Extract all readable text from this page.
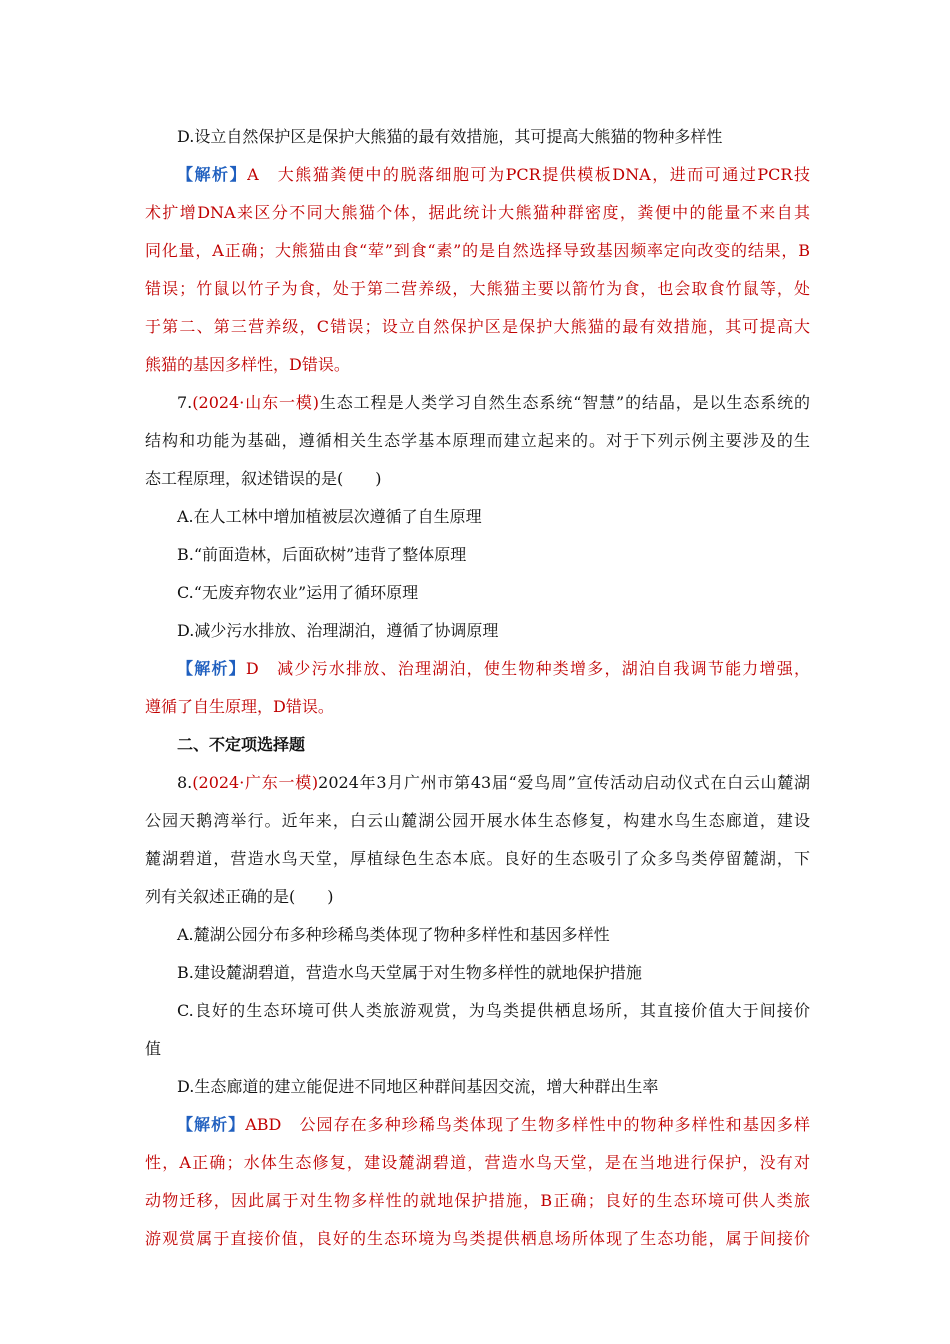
D.设立自然保护区是保护大熊猫的最有效措施，其可提高大熊猫的物种多样性
【解析】A　大熊猫粪便中的脱落细胞可为PCR提供模板DNA，进而可通过PCR技
术扩增DNA来区分不同大熊猫个体，据此统计大熊猫种群密度，粪便中的能量不来自其
同化量，A正确；大熊猫由食“荤”到食“素”的是自然选择导致基因频率定向改变的结果，B
错误；竹鼠以竹子为食，处于第二营养级，大熊猫主要以箭竹为食，也会取食竹鼠等，处
于第二、第三营养级，C错误；设立自然保护区是保护大熊猫的最有效措施，其可提高大
熊猫的基因多样性，D错误。
7.(2024·山东一模)生态工程是人类学习自然生态系统“智慧”的结晶，是以生态系统的
结构和功能为基础，遵循相关生态学基本原理而建立起来的。对于下列示例主要涉及的生
态工程原理，叙述错误的是(　　)
A.在人工林中增加植被层次遵循了自生原理
B.“前面造林，后面砍树”违背了整体原理
C.“无废弃物农业”运用了循环原理
D.减少污水排放、治理湖泊，遵循了协调原理
【解析】D　减少污水排放、治理湖泊，使生物种类增多，湖泊自我调节能力增强，
遵循了自生原理，D错误。
二、不定项选择题
8.(2024·广东一模)2024年3月广州市第43届“爱鸟周”宣传活动启动仪式在白云山麓湖
公园天鹅湾举行。近年来，白云山麓湖公园开展水体生态修复，构建水鸟生态廊道，建设
麓湖碧道，营造水鸟天堂，厚植绿色生态本底。良好的生态吸引了众多鸟类停留麓湖，下
列有关叙述正确的是(　　)
A.麓湖公园分布多种珍稀鸟类体现了物种多样性和基因多样性
B.建设麓湖碧道，营造水鸟天堂属于对生物多样性的就地保护措施
C.良好的生态环境可供人类旅游观赏，为鸟类提供栖息场所，其直接价值大于间接价
值
D.生态廊道的建立能促进不同地区种群间基因交流，增大种群出生率
【解析】ABD　公园存在多种珍稀鸟类体现了生物多样性中的物种多样性和基因多样
性，A正确；水体生态修复，建设麓湖碧道，营造水鸟天堂，是在当地进行保护，没有对
动物迁移，因此属于对生物多样性的就地保护措施，B正确；良好的生态环境可供人类旅
游观赏属于直接价值，良好的生态环境为鸟类提供栖息场所体现了生态功能，属于间接价
